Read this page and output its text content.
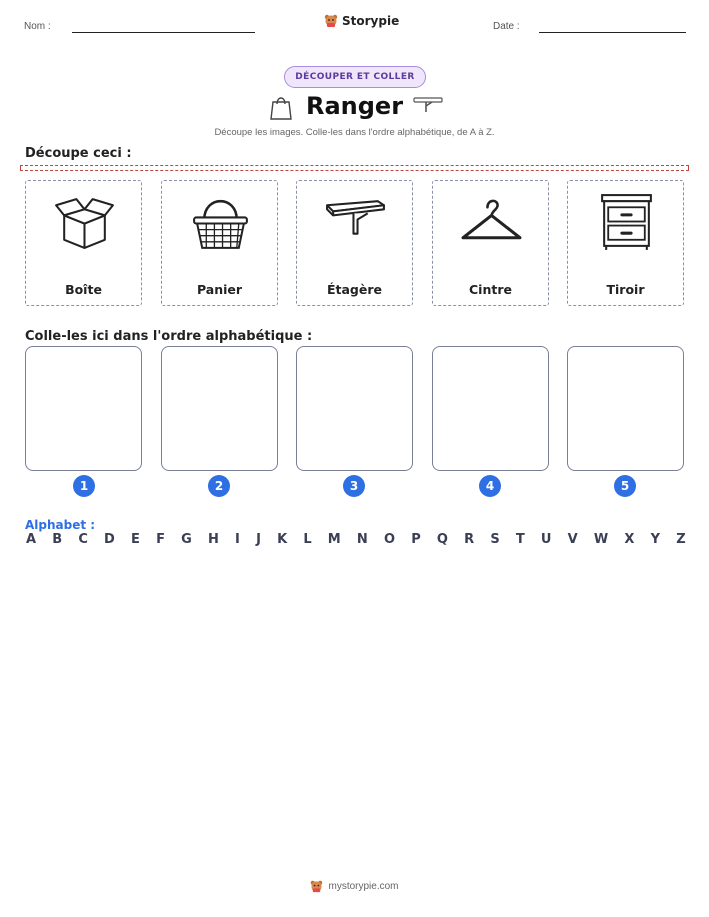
Nom :	Storypie	Date :
DÉCOUPER ET COLLER
Ranger
Découpe les images. Colle-les dans l'ordre alphabétique, de A à Z.
Découpe ceci :
Boîte	Panier	Étagère	Cintre	Tiroir
Colle-les ici dans l'ordre alphabétique :
1	2	3	4	5
Alphabet :
A B C D E F G H I J K L M N O P Q R S T U V W X Y Z
mystorypie.com
